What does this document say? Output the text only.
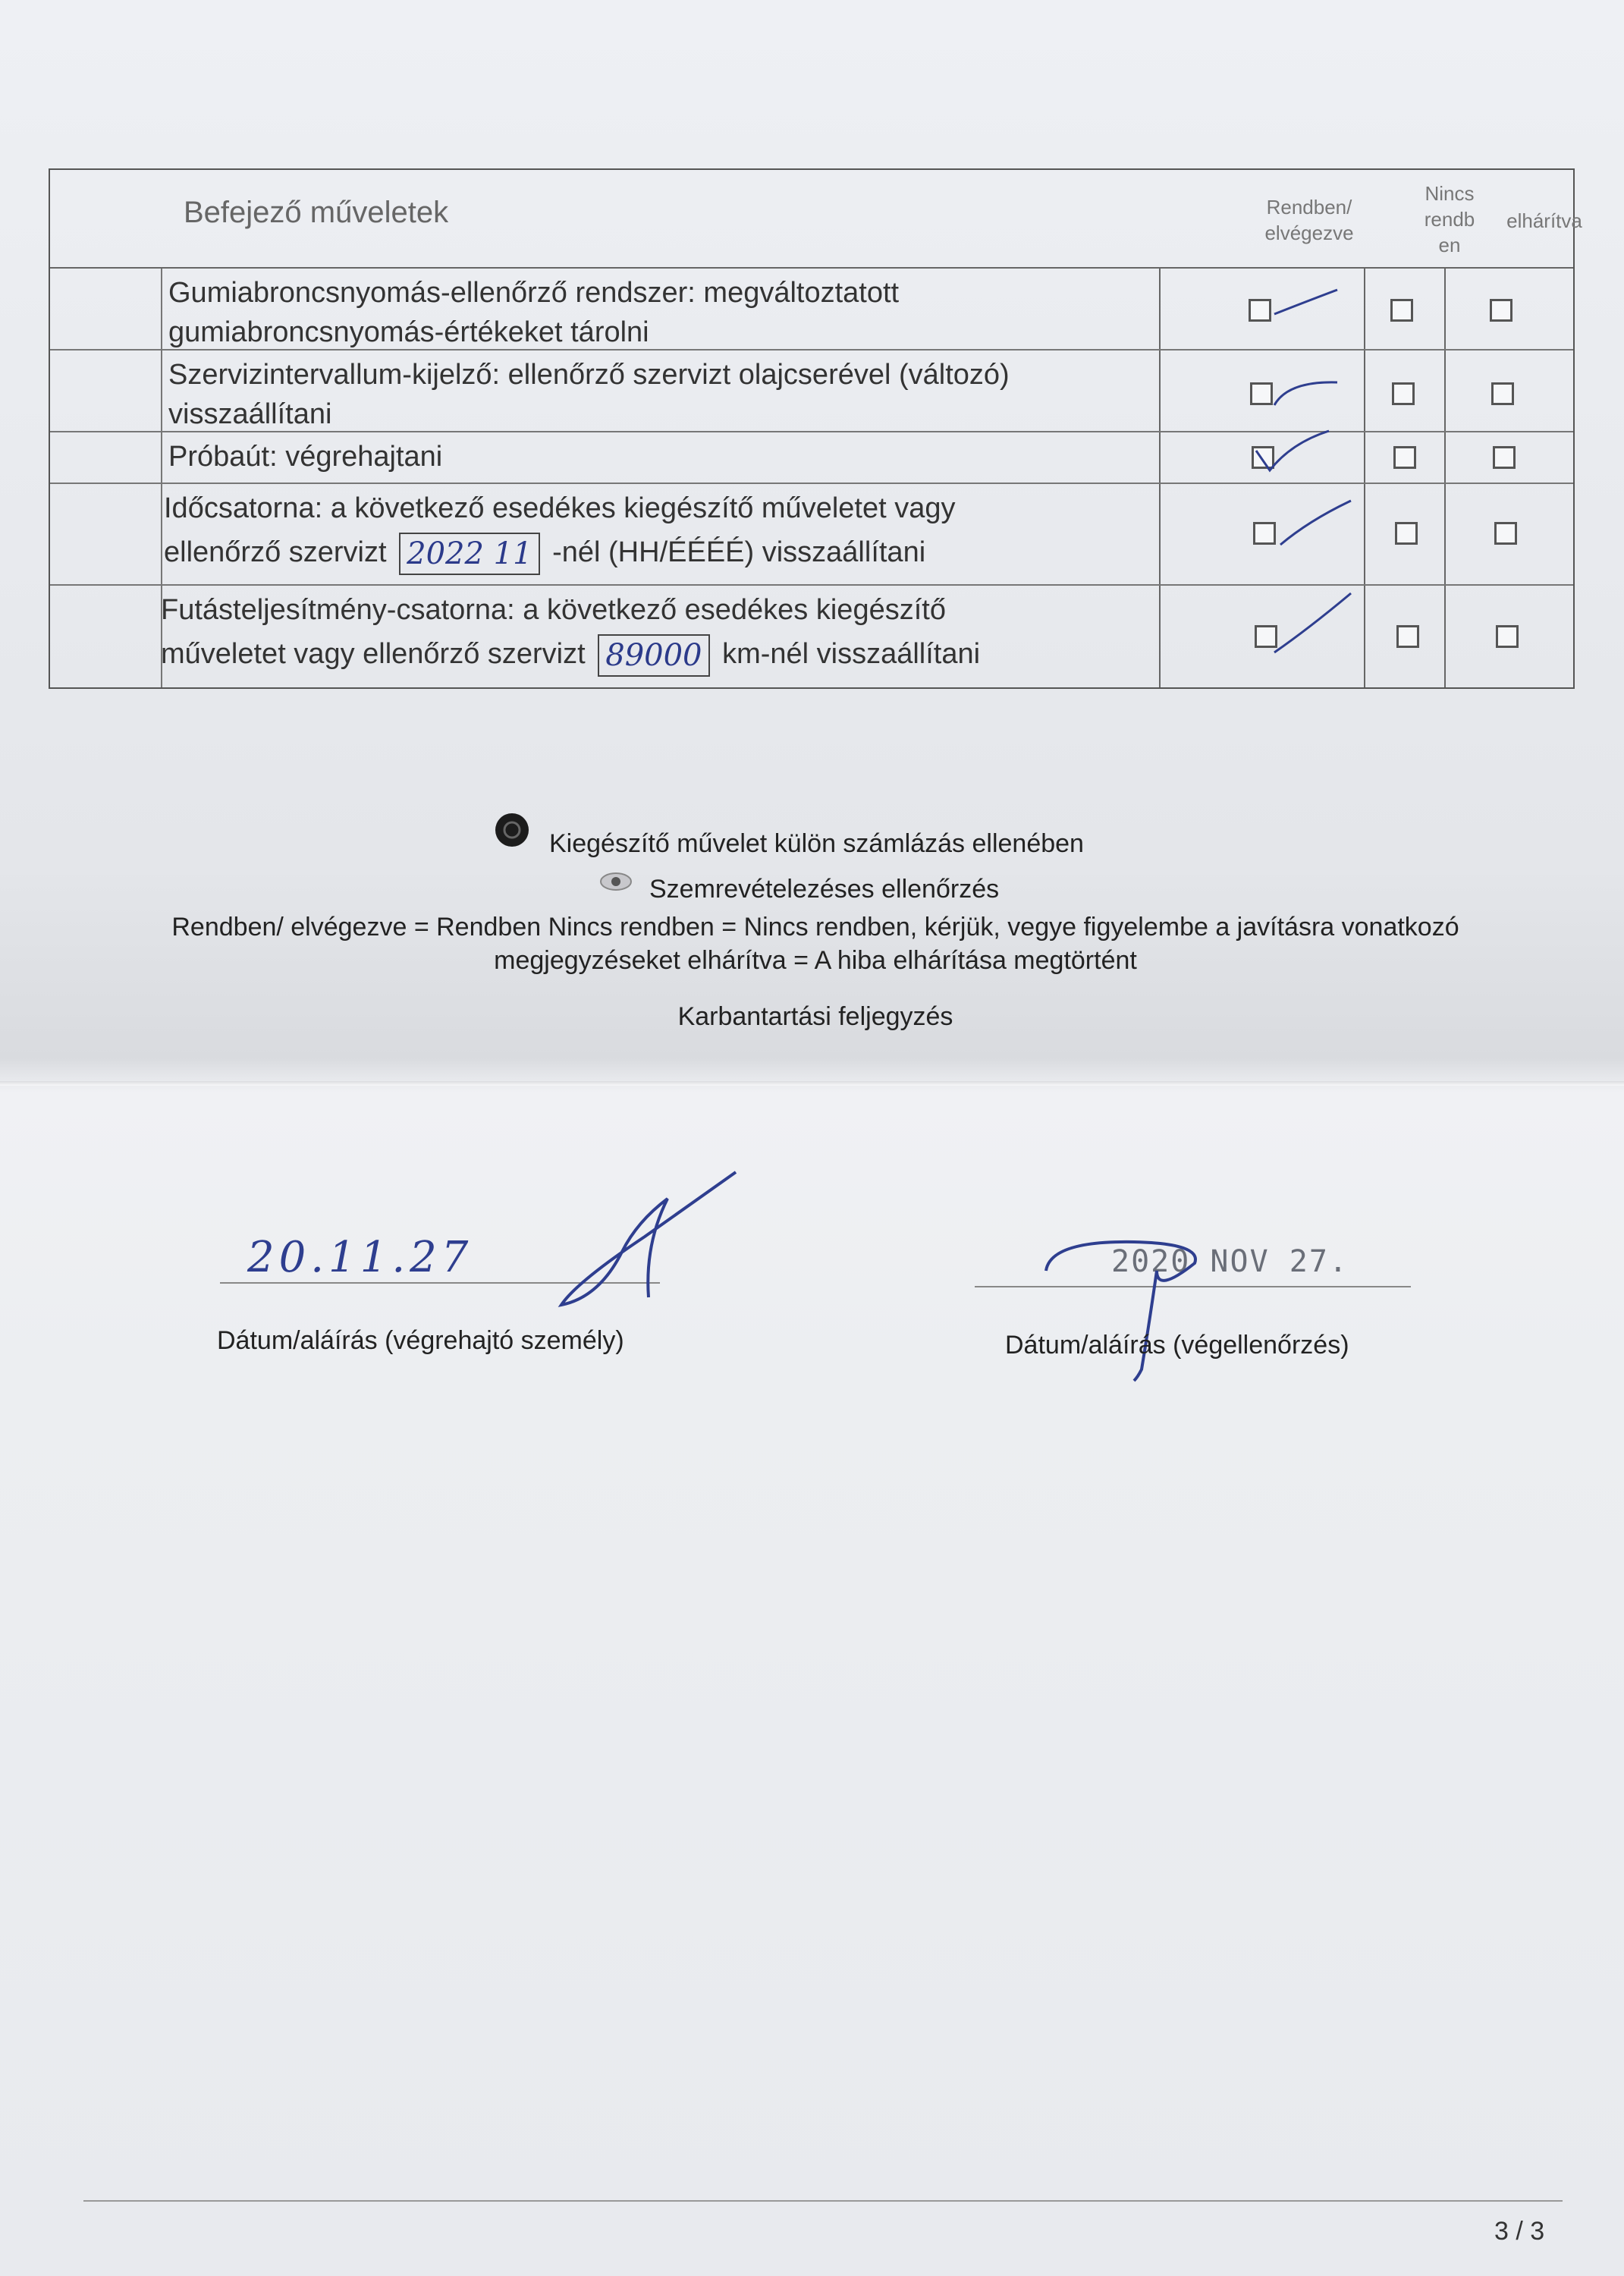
Befejező műveletek	Rendben/
elvégezve
Nincs
rendb
en
elhárítva
Gumiabroncsnyomás-ellenőrző rendszer: megváltoztatott
gumiabroncsnyomás-értékeket tárolni
Szervizintervallum-kijelző: ellenőrző szervizt olajcserével (változó)
visszaállítani
Próbaút: végrehajtani
Időcsatorna: a következő esedékes kiegészítő műveletet vagy
ellenőrző szervizt 2022 11 -nél (HH/ÉÉÉÉ) visszaállítani
Futásteljesítmény-csatorna: a következő esedékes kiegészítő
műveletet vagy ellenőrző szervizt 89000 km-nél visszaállítani
Kiegészítő művelet külön számlázás ellenében
Szemrevételezéses ellenőrzés
Rendben/ elvégezve = Rendben Nincs rendben = Nincs rendben, kérjük, vegye figyelembe a javításra vonatkozó
megjegyzéseket elhárítva = A hiba elhárítása megtörtént
Karbantartási feljegyzés
20.11.27
Dátum/aláírás (végrehajtó személy)
2020 NOV 27.
Dátum/aláírás (végellenőrzés)
3 / 3
